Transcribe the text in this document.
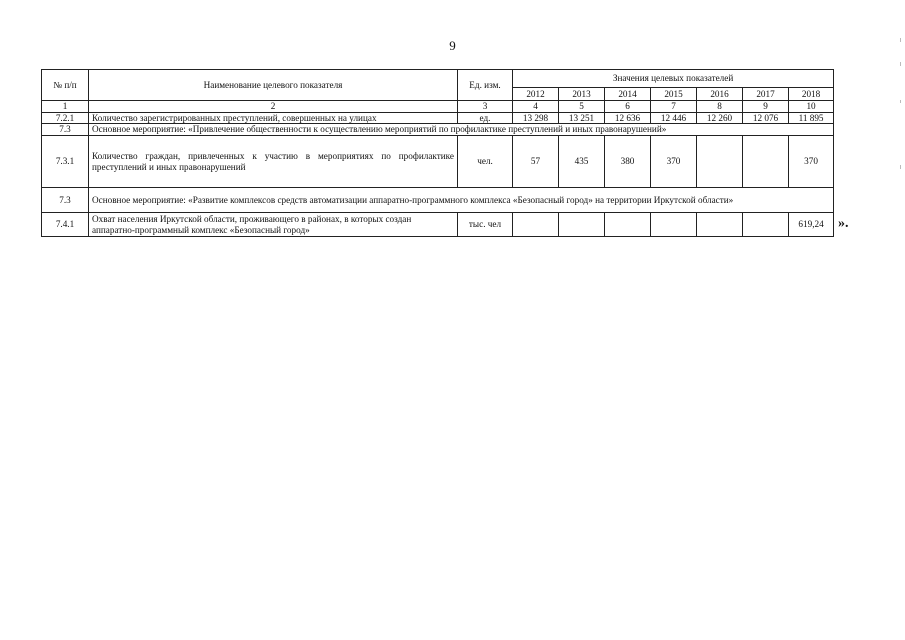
9
№ п/п	Наименование целевого показателя	Ед. изм.	Значения целевых показателей						
			2012	2013	2014	2015	2016	2017	2018
1	2	3	4	5	6	7	8	9	10
7.2.1	Количество зарегистрированных преступлений, совершенных на улицах	ед.	13 298	13 251	12 636	12 446	12 260	12 076	11 895
7.3	Основное мероприятие: «Привлечение общественности к осуществлению мероприятий по профилактике преступлений и иных правонарушений»								
7.3.1	Количество граждан, привлеченных к участию в мероприятиях по профилактике преступлений и иных правонарушений	чел.	57	435	380	370			370
7.3	Основное мероприятие: «Развитие комплексов средств автоматизации аппаратно-программного комплекса «Безопасный город» на территории Иркутской области»								
7.4.1	Охват населения Иркутской области, проживающего в районах, в которых создан аппаратно-программный комплекс «Безопасный город»	тыс. чел							619,24 ».
